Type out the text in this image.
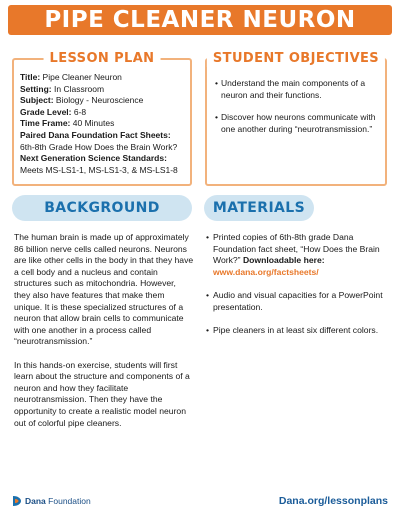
PIPE CLEANER NEURON
LESSON PLAN
Title: Pipe Cleaner Neuron
Setting: In Classroom
Subject: Biology - Neuroscience
Grade Level: 6-8
Time Frame: 40 Minutes
Paired Dana Foundation Fact Sheets:
6th-8th Grade How Does the Brain Work?
Next Generation Science Standards:
Meets MS-LS1-1, MS-LS1-3, & MS-LS1-8
STUDENT OBJECTIVES
• Understand the main components of a neuron and their functions.
• Discover how neurons communicate with one another during “neurotransmission.”
BACKGROUND	MATERIALS

The human brain is made up of approximately 86 billion nerve cells called neurons. Neurons are like other cells in the body in that they have a cell body and a nucleus and contain structures such as mitochondria. However, they also have features that make them unique. It is these specialized structures of a neuron that allow brain cells to communicate with one another in a process called “neurotransmission.”

In this hands-on exercise, students will first learn about the structure and components of a neuron and how they facilitate neurotransmission. Then they have the opportunity to create a realistic model neuron out of colorful pipe cleaners.

• Printed copies of 6th-8th grade Dana Foundation fact sheet, “How Does the Brain Work?” Downloadable here: www.dana.org/factsheets/
• Audio and visual capacities for a PowerPoint presentation.
• Pipe cleaners in at least six different colors.
Dana Foundation	Dana.org/lessonplans
